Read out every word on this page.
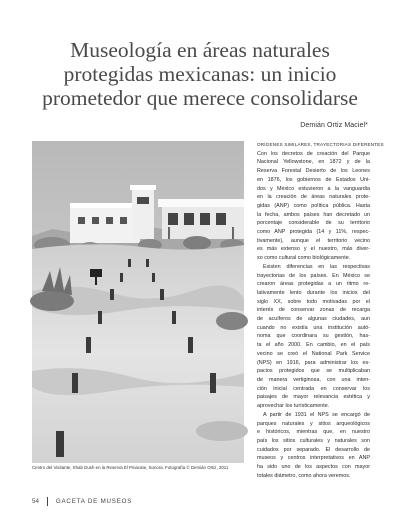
Museología en áreas naturales
protegidas mexicanas: un inicio
prometedor que merece consolidarse
Demián Ortiz Maciel*
Centro del Visitante, Shab Dush en la Reserva El Pinacate, Sonora. Fotografía © Demián Ortiz, 2011
ORÍGENES SIMILARES, TRAYECTORIAS DIFERENTES
Con los decretos de creación del Parque
Nacional Yellowstone, en 1872 y de la
Reserva Forestal Desierto de los Leones
en 1876, los gobiernos de Estados Uni-
dos y México estuvieron a la vanguardia
en la creación de áreas naturales prote-
gidas (ANP) como política pública. Hasta
la fecha, ambos países han decretado un
porcentaje considerable de su territorio
como ANP protegida (14 y 11%, respec-
tivamente), aunque el territorio vecino
es más extenso y el nuestro, más diver-
so como cultural como biológicamente.
Existen diferencias en las respectivas
trayectorias de los países. En México se
crearon áreas protegidas a un ritmo re-
lativamente lento durante los inicios del
siglo XX, sobre todo motivadas por el
interés de conservar zonas de recarga
de acuíferos de algunas ciudades, aun
cuando no existía una institución autó-
noma que coordinara su gestión, has-
ta el año 2000. En cambio, en el país
vecino se creó el National Park Service
(NPS) en 1916, para administrar los es-
pacios protegidos que se multiplicaban
de manera vertiginosa, con una inten-
ción inicial centrada en conservar los
paisajes de mayor relevancia estética y
aprovechar los turísticamente.
A partir de 1931 el NPS se encargó de
parques naturales y sitios arqueológicos
e históricos, mientras que, en nuestro
país los sitios culturales y naturales son
cuidados por separado. El desarrollo de
museos y centros interpretativos en ANP
ha sido uno de los aspectos con mayor
totales diámetro, como ahora veremos.
54	GACETA DE MUSEOS
